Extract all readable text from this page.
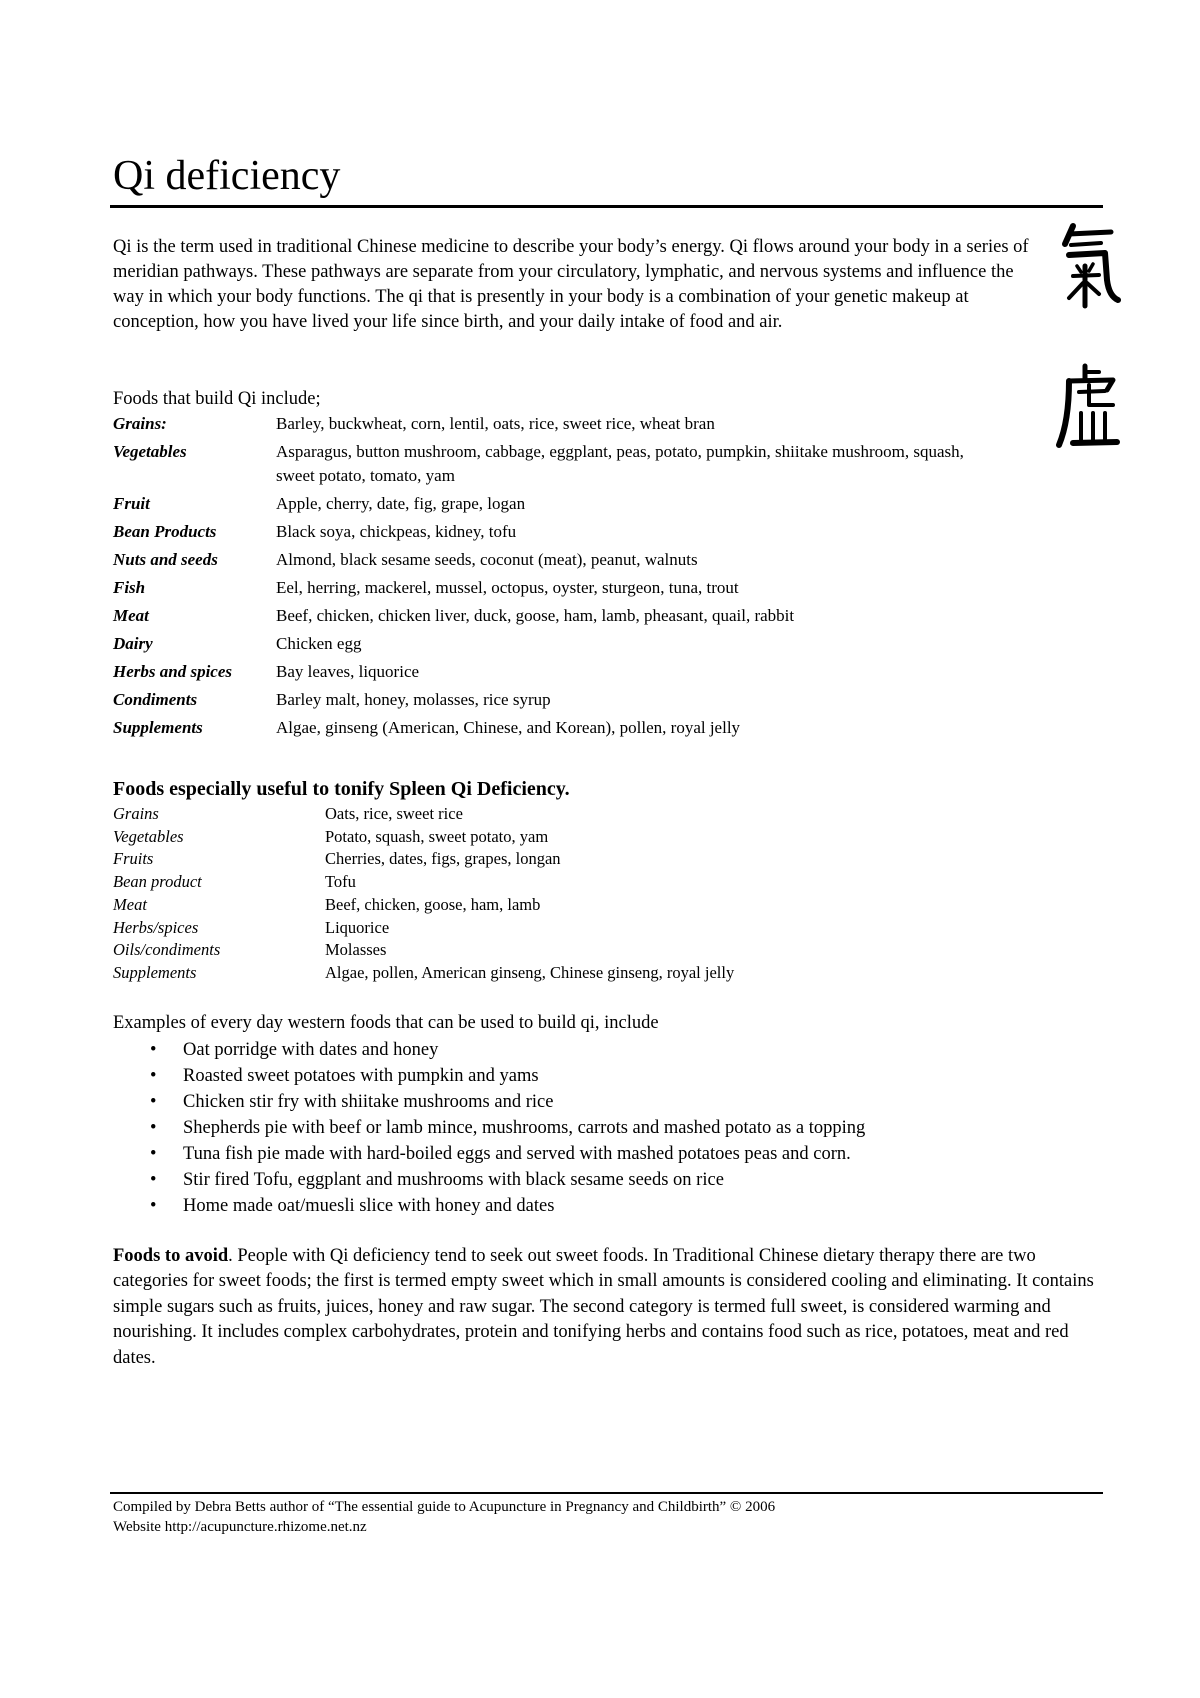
Qi deficiency

Qi is the term used in traditional Chinese medicine to describe your body’s energy. Qi flows around your body in a series of meridian pathways. These pathways are separate from your circulatory, lymphatic, and nervous systems and influence the way in which your body functions. The qi that is presently in your body is a combination of your genetic makeup at conception, how you have lived your life since birth, and your daily intake of food and air.

Foods that build Qi include;

Grains:	Barley, buckwheat, corn, lentil, oats, rice, sweet rice, wheat bran
Vegetables	Asparagus, button mushroom, cabbage, eggplant, peas, potato, pumpkin, shiitake mushroom, squash, sweet potato, tomato, yam
Fruit	Apple, cherry, date, fig, grape, logan
Bean Products	Black soya, chickpeas, kidney, tofu
Nuts and seeds	Almond, black sesame seeds, coconut (meat), peanut, walnuts
Fish	Eel, herring, mackerel, mussel, octopus, oyster, sturgeon, tuna, trout
Meat	Beef, chicken, chicken liver, duck, goose, ham, lamb, pheasant, quail, rabbit
Dairy	Chicken egg
Herbs and spices	Bay leaves, liquorice
Condiments	Barley malt, honey, molasses, rice syrup
Supplements	Algae, ginseng (American, Chinese, and Korean), pollen, royal jelly
Foods especially useful to tonify Spleen Qi Deficiency.
Grains	Oats, rice, sweet rice
Vegetables	Potato, squash, sweet potato, yam
Fruits	Cherries, dates, figs, grapes, longan
Bean product	Tofu
Meat	Beef, chicken, goose, ham, lamb
Herbs/spices	Liquorice
Oils/condiments	Molasses
Supplements	Algae, pollen, American ginseng, Chinese ginseng, royal jelly

Examples of every day western foods that can be used to build qi, include

• Oat porridge with dates and honey
• Roasted sweet potatoes with pumpkin and yams
• Chicken stir fry with shiitake mushrooms and rice
• Shepherds pie with beef or lamb mince, mushrooms, carrots and mashed potato as a topping
• Tuna fish pie made with hard-boiled eggs and served with mashed potatoes peas and corn.
• Stir fired Tofu, eggplant and mushrooms with black sesame seeds on rice
• Home made oat/muesli slice with honey and dates

Foods to avoid. People with Qi deficiency tend to seek out sweet foods. In Traditional Chinese dietary therapy there are two categories for sweet foods; the first is termed empty sweet which in small amounts is considered cooling and eliminating. It contains simple sugars such as fruits, juices, honey and raw sugar. The second category is termed full sweet, is considered warming and nourishing. It includes complex carbohydrates, protein and tonifying herbs and contains food such as rice, potatoes, meat and red dates.

Compiled by Debra Betts author of “The essential guide to Acupuncture in Pregnancy and Childbirth” © 2006
Website http://acupuncture.rhizome.net.nz
